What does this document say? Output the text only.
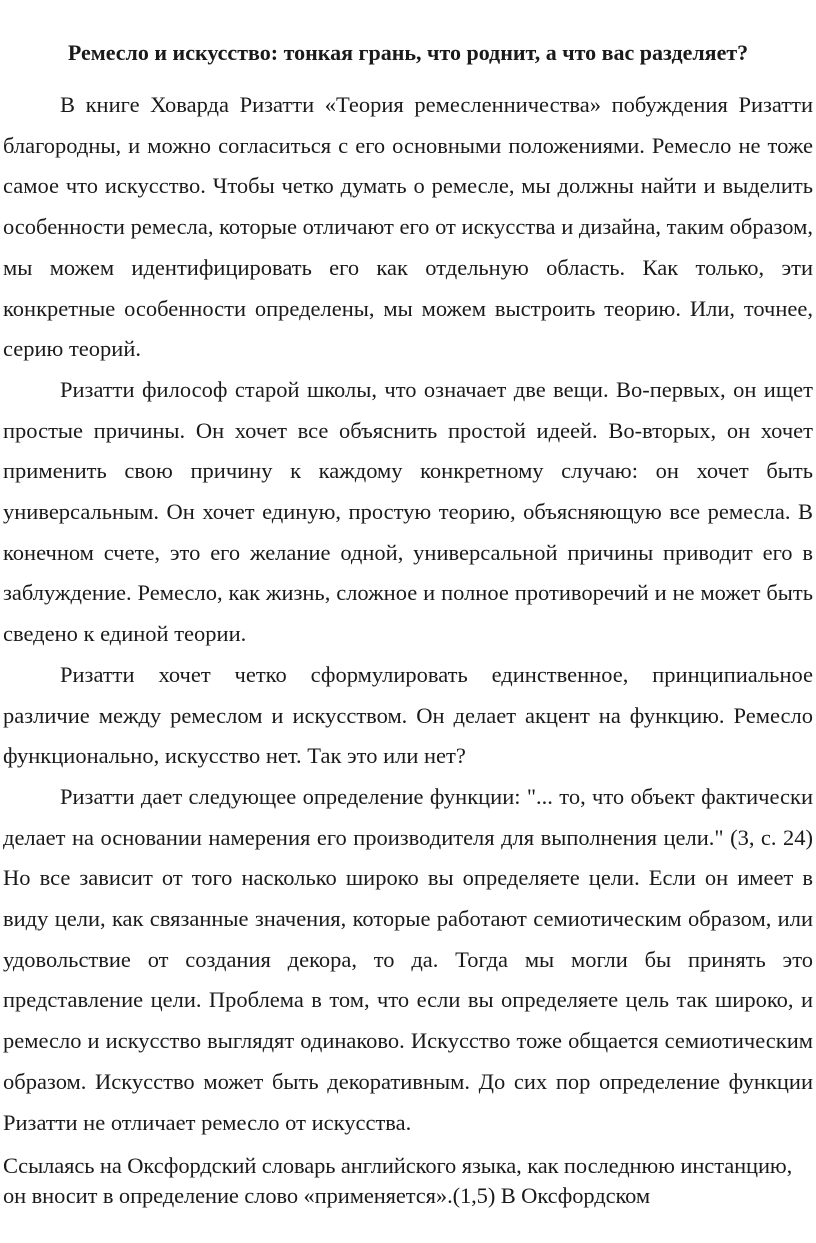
Ремесло и искусство: тонкая грань, что роднит, а что вас разделяет?

В книге Ховарда Ризатти «Теория ремесленничества» побуждения Ризатти благородны, и можно согласиться с его основными положениями. Ремесло не тоже самое что искусство. Чтобы четко думать о ремесле, мы должны найти и выделить особенности ремесла, которые отличают его от искусства и дизайна, таким образом, мы можем идентифицировать его как отдельную область. Как только, эти конкретные особенности определены, мы можем выстроить теорию. Или, точнее, серию теорий.

Ризатти философ старой школы, что означает две вещи. Во-первых, он ищет простые причины. Он хочет все объяснить простой идеей. Во-вторых, он хочет применить свою причину к каждому конкретному случаю: он хочет быть универсальным. Он хочет единую, простую теорию, объясняющую все ремесла. В конечном счете, это его желание одной, универсальной причины приводит его в заблуждение. Ремесло, как жизнь, сложное и полное противоречий и не может быть сведено к единой теории.

Ризатти хочет четко сформулировать единственное, принципиальное различие между ремеслом и искусством. Он делает акцент на функцию. Ремесло функционально, искусство нет. Так это или нет?

Ризатти дает следующее определение функции: "... то, что объект фактически делает на основании намерения его производителя для выполнения цели." (3, с. 24) Но все зависит от того насколько широко вы определяете цели. Если он имеет в виду цели, как связанные значения, которые работают семиотическим образом, или удовольствие от создания декора, то да. Тогда мы могли бы принять это представление цели. Проблема в том, что если вы определяете цель так широко, и ремесло и искусство выглядят одинаково. Искусство тоже общается семиотическим образом. Искусство может быть декоративным. До сих пор определение функции Ризатти не отличает ремесло от искусства.

Ссылаясь на Оксфордский словарь английского языка, как последнюю инстанцию, он вносит в определение слово «применяется».(1,5) В Оксфордском
